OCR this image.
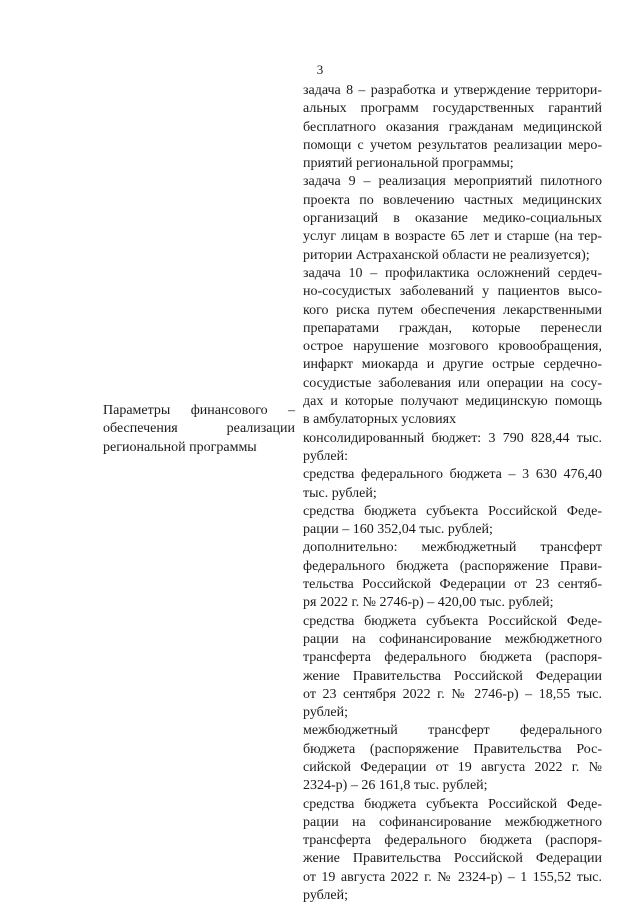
3
задача 8 – разработка и утверждение территори-
альных программ государственных гарантий
бесплатного оказания гражданам медицинской
помощи с учетом результатов реализации меро-
приятий региональной программы;
задача 9 – реализация мероприятий пилотного
проекта по вовлечению частных медицинских
организаций в оказание медико-социальных
услуг лицам в возрасте 65 лет и старше (на тер-
ритории Астраханской области не реализуется);
задача 10 – профилактика осложнений сердеч-
но-сосудистых заболеваний у пациентов высо-
кого риска путем обеспечения лекарственными
препаратами граждан, которые перенесли
острое нарушение мозгового кровообращения,
инфаркт миокарда и другие острые сердечно-
сосудистые заболевания или операции на сосу-
дах и которые получают медицинскую помощь
в амбулаторных условиях
консолидированный бюджет: 3 790 828,44 тыс.
рублей:
средства федерального бюджета – 3 630 476,40
тыс. рублей;
средства бюджета субъекта Российской Феде-
рации – 160 352,04 тыс. рублей;
дополнительно: межбюджетный трансферт
федерального бюджета (распоряжение Прави-
тельства Российской Федерации от 23 сентяб-
ря 2022 г. № 2746-р) – 420,00 тыс. рублей;
средства бюджета субъекта Российской Феде-
рации на софинансирование межбюджетного
трансферта федерального бюджета (распоря-
жение Правительства Российской Федерации
от 23 сентября 2022 г. № 2746-р) – 18,55 тыс.
рублей;
межбюджетный трансферт федерального
бюджета (распоряжение Правительства Рос-
сийской Федерации от 19 августа 2022 г. №
2324-р) – 26 161,8 тыс. рублей;
средства бюджета субъекта Российской Феде-
рации на софинансирование межбюджетного
трансферта федерального бюджета (распоря-
жение Правительства Российской Федерации
от 19 августа 2022 г. № 2324-р) – 1 155,52 тыс.
рублей;
Параметры финансового –
обеспечения реализации
региональной программы
